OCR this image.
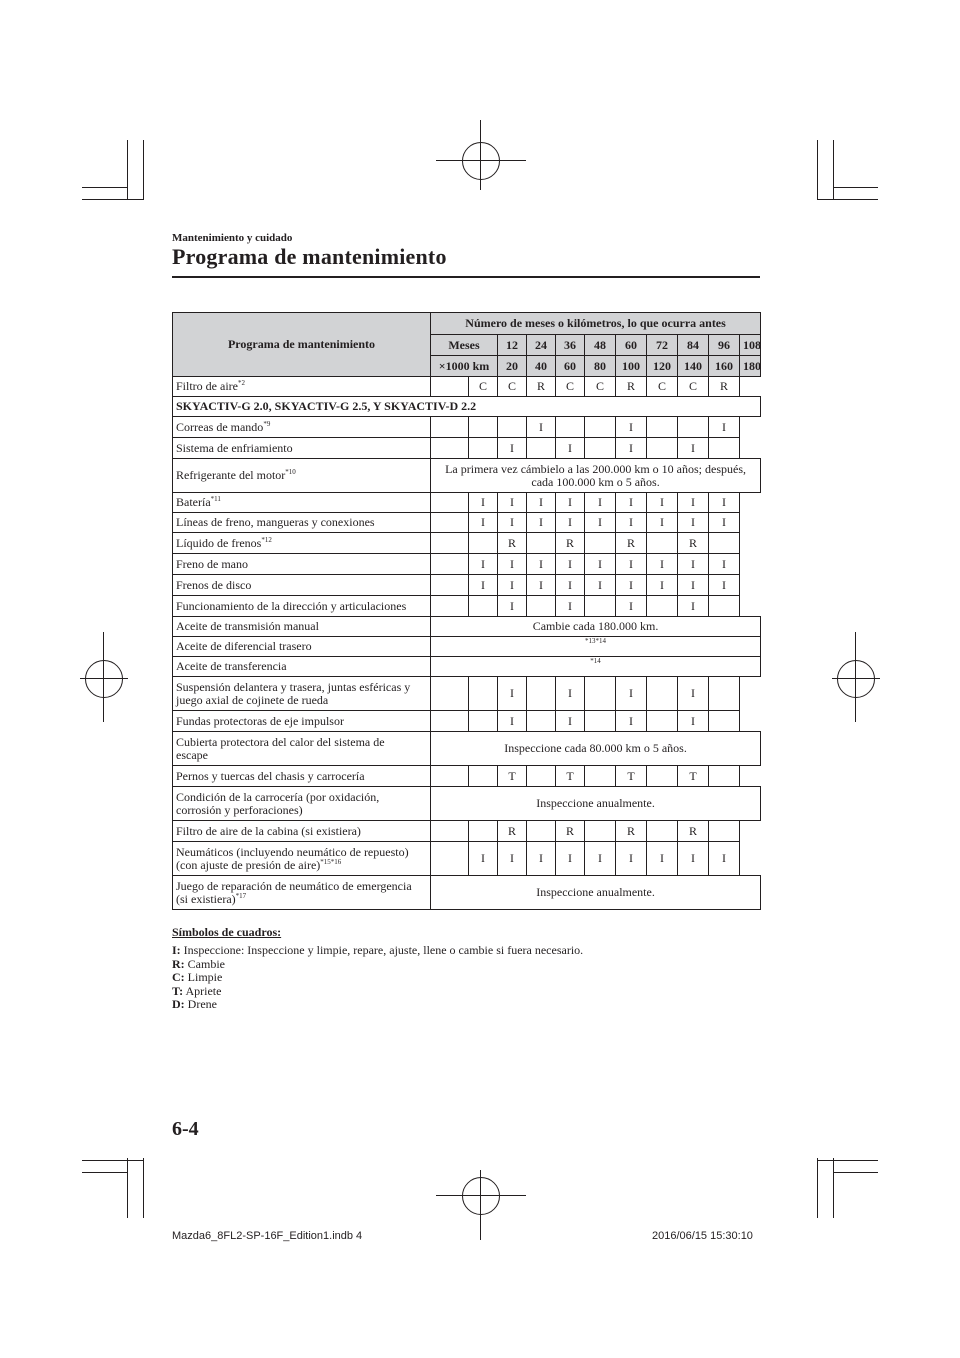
Mantenimiento y cuidado
Programa de mantenimiento
Programa de mantenimiento	Número de meses o kilómetros, lo que ocurra antes										
	Meses		12	24	36	48	60	72	84	96	108
	×1000 km		20	40	60	80	100	120	140	160	180
Filtro de aire$^{*2}$		C	C	R	C	C	R	C	C	R	
SKYACTIV-G 2.0, SKYACTIV-G 2.5, Y SKYACTIV-D 2.2											
Correas de mando$^{*9}$				I			I			I	
Sistema de enfriamiento			I		I		I		I		
Refrigerante del motor$^{*10}$	La primera vez cámbielo a las 200.000 km o 10 años; después,
cada 100.000 km o 5 años.										
Batería$^{*11}$		I	I	I	I	I	I	I	I	I	
Líneas de freno, mangueras y conexiones		I	I	I	I	I	I	I	I	I	
Líquido de frenos$^{*12}$			R		R		R		R		
Freno de mano		I	I	I	I	I	I	I	I	I	
Frenos de disco		I	I	I	I	I	I	I	I	I	
Funcionamiento de la dirección y articulaciones			I		I		I		I		
Aceite de transmisión manual	Cambie cada 180.000 km.										
Aceite de diferencial trasero	$^{*13*14}$
Aceite de transferencia	$^{*14}$
Suspensión delantera y trasera, juntas esféricas y
juego axial de cojinete de rueda			I		I		I		I		
Fundas protectoras de eje impulsor			I		I		I		I		
Cubierta protectora del calor del sistema de
escape	Inspeccione cada 80.000 km o 5 años.										
Pernos y tuercas del chasis y carrocería			T		T		T		T		
Condición de la carrocería (por oxidación,
corrosión y perforaciones)	Inspeccione anualmente.										
Filtro de aire de la cabina (si existiera)			R		R		R		R		
Neumáticos (incluyendo neumático de repuesto)
(con ajuste de presión de aire)$^{*15*16}$		I	I	I	I	I	I	I	I	I	
Juego de reparación de neumático de emergencia
(si existiera)$^{*17}$	Inspeccione anualmente.										
Símbolos de cuadros:
I: Inspeccione: Inspeccione y limpie, repare, ajuste, llene o cambie si fuera necesario.
R: Cambie
C: Limpie
T: Apriete
D: Drene
6-4
Mazda6_8FL2-SP-16F_Edition1.indb 4	2016/06/15 15:30:10
